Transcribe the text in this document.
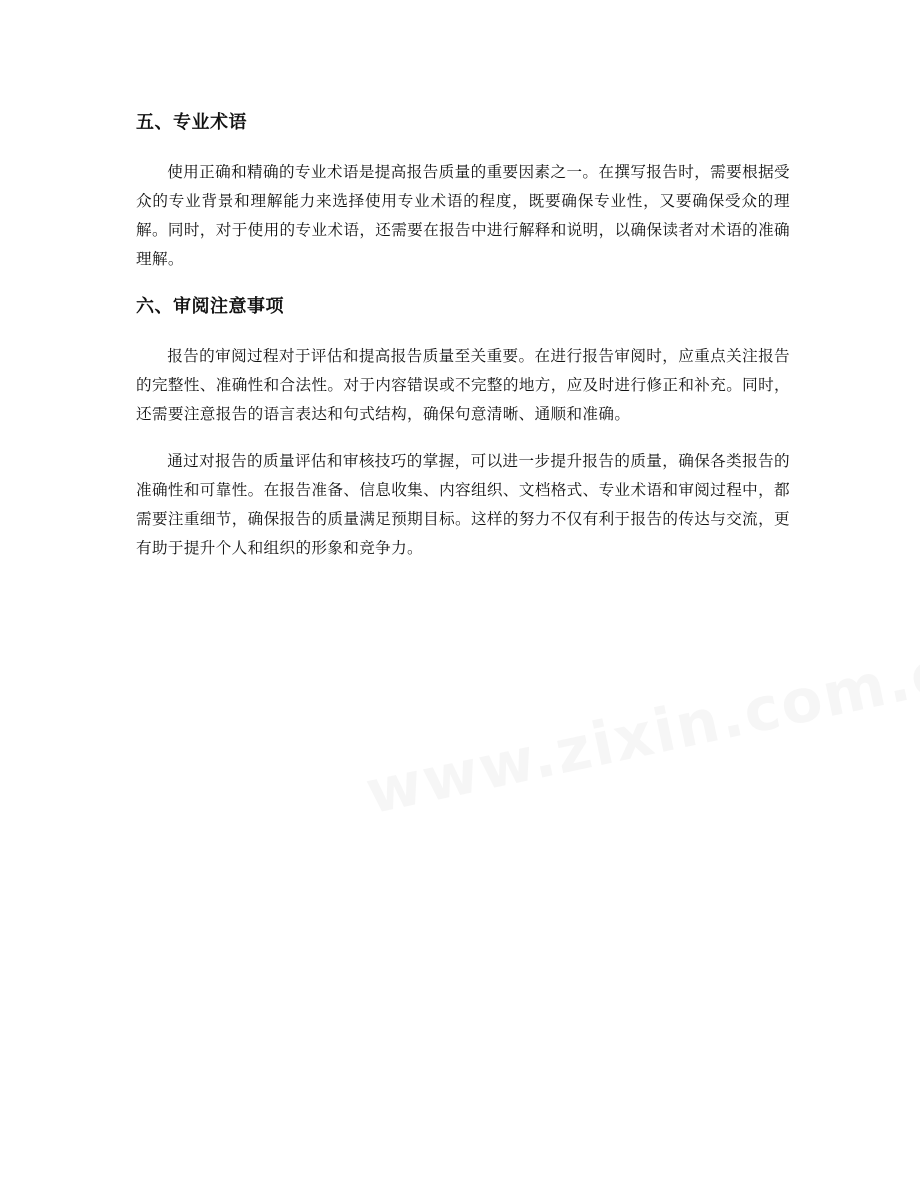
五、专业术语

使用正确和精确的专业术语是提高报告质量的重要因素之一。在撰写报告时，需要根据受众的专业背景和理解能力来选择使用专业术语的程度，既要确保专业性，又要确保受众的理解。同时，对于使用的专业术语，还需要在报告中进行解释和说明，以确保读者对术语的准确理解。

六、审阅注意事项

报告的审阅过程对于评估和提高报告质量至关重要。在进行报告审阅时，应重点关注报告的完整性、准确性和合法性。对于内容错误或不完整的地方，应及时进行修正和补充。同时，还需要注意报告的语言表达和句式结构，确保句意清晰、通顺和准确。

通过对报告的质量评估和审核技巧的掌握，可以进一步提升报告的质量，确保各类报告的准确性和可靠性。在报告准备、信息收集、内容组织、文档格式、专业术语和审阅过程中，都需要注重细节，确保报告的质量满足预期目标。这样的努力不仅有利于报告的传达与交流，更有助于提升个人和组织的形象和竞争力。
